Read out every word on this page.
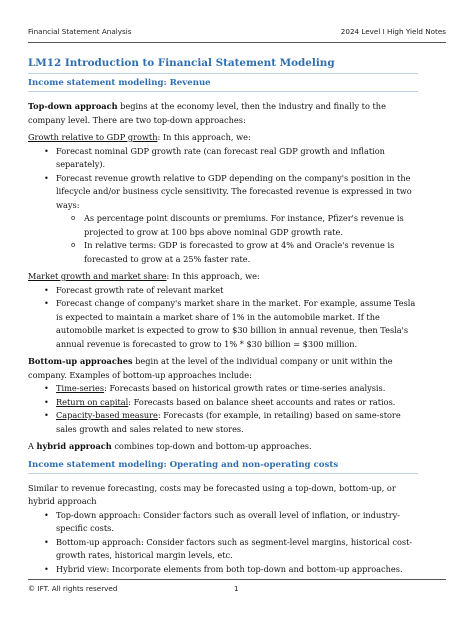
Financial Statement Analysis	2024 Level I High Yield Notes
LM12 Introduction to Financial Statement Modeling
Income statement modeling: Revenue

Top-down approach begins at the economy level, then the industry and finally to the company level. There are two top-down approaches:

Growth relative to GDP growth: In this approach, we:

• Forecast nominal GDP growth rate (can forecast real GDP growth and inflation separately).
• Forecast revenue growth relative to GDP depending on the company's position in the lifecycle and/or business cycle sensitivity. The forecasted revenue is expressed in two ways:
o As percentage point discounts or premiums. For instance, Pfizer's revenue is projected to grow at 100 bps above nominal GDP growth rate.
o In relative terms: GDP is forecasted to grow at 4% and Oracle's revenue is forecasted to grow at a 25% faster rate.

Market growth and market share: In this approach, we:

• Forecast growth rate of relevant market
• Forecast change of company's market share in the market. For example, assume Tesla is expected to maintain a market share of 1% in the automobile market. If the automobile market is expected to grow to $30 billion in annual revenue, then Tesla's annual revenue is forecasted to grow to 1% * $30 billion = $300 million.

Bottom-up approaches begin at the level of the individual company or unit within the company. Examples of bottom-up approaches include:

• Time-series: Forecasts based on historical growth rates or time-series analysis.
• Return on capital: Forecasts based on balance sheet accounts and rates or ratios.
• Capacity-based measure: Forecasts (for example, in retailing) based on same-store sales growth and sales related to new stores.

A hybrid approach combines top-down and bottom-up approaches.

Income statement modeling: Operating and non-operating costs

Similar to revenue forecasting, costs may be forecasted using a top-down, bottom-up, or hybrid approach

• Top-down approach: Consider factors such as overall level of inflation, or industry-specific costs.
• Bottom-up approach: Consider factors such as segment-level margins, historical cost-growth rates, historical margin levels, etc.
• Hybrid view: Incorporate elements from both top-down and bottom-up approaches.
© IFT. All rights reserved	1
